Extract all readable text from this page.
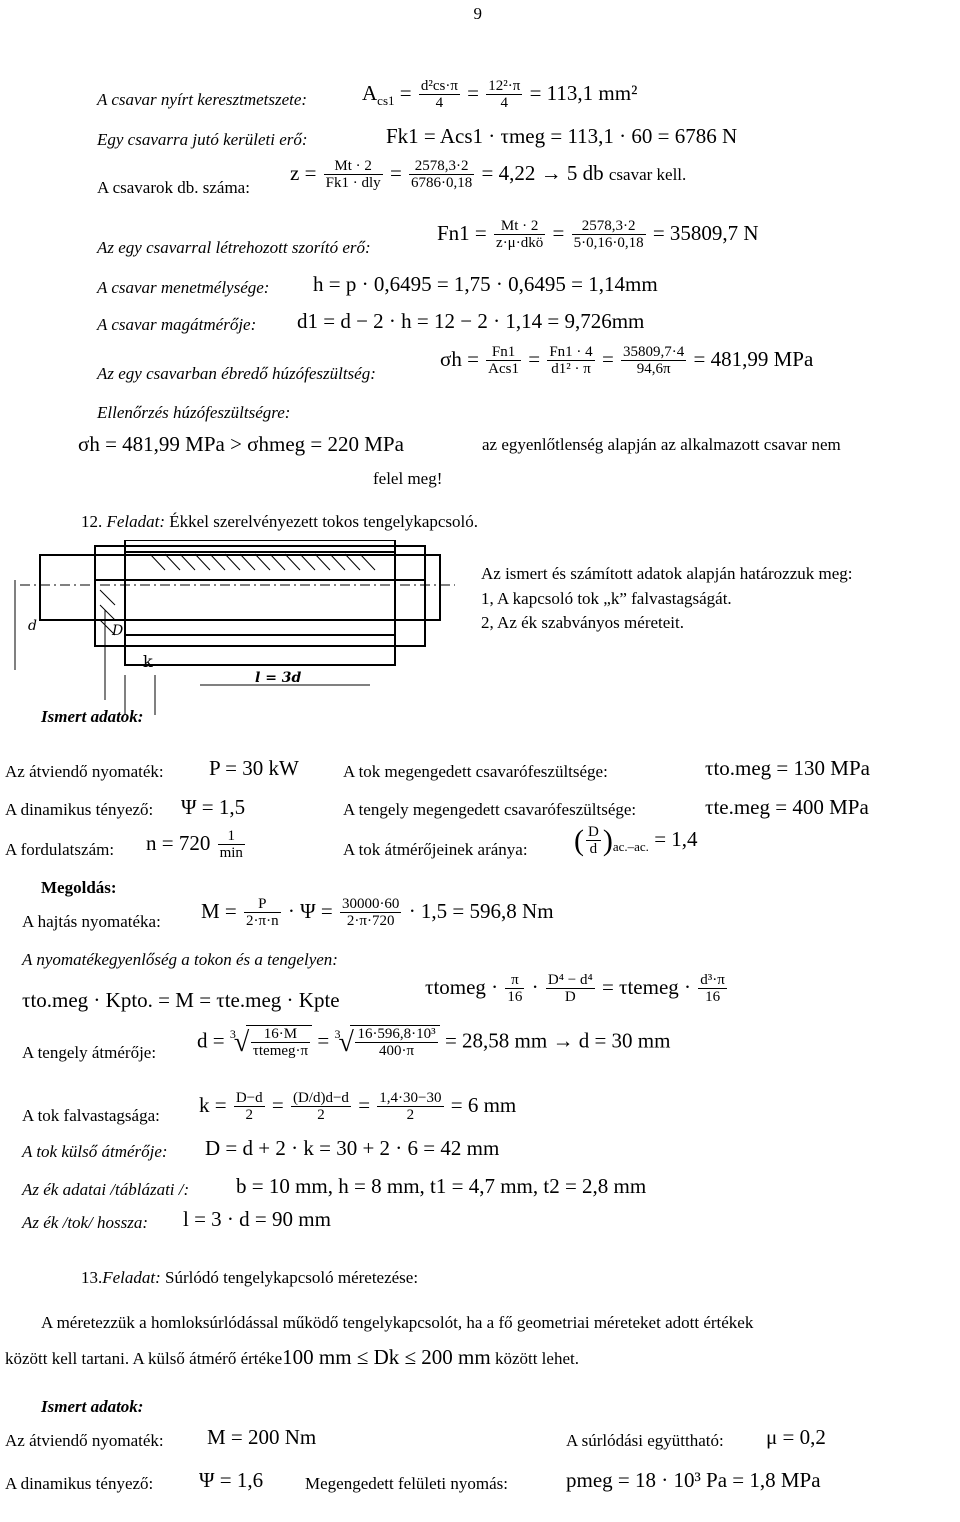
9
A csavar nyírt keresztmetszete:	$A_{cs1} = \frac{\text{d²cs·π}}{4} = \frac{\text{12²·π}}{4} = 113,1$ mm²
Egy csavarra jutó kerületi erő:	Fk1 = Acs1 · τmeg = 113,1 · 60 = 6786 N
A csavarok db. száma:
$z = \frac{Mt \cdot 2}{\text{Fk1 · dly}} = \frac{2578,3\cdot 2}{6786\cdot 0,18} = 4,22 \to 5$ db csavar kell.
Az egy csavarral létrehozott szorító erő:
$Fn1 = \frac{Mt \cdot 2}{\text{z·μ·dkö}} = \frac{2578,3\cdot 2}{5\cdot 0,16\cdot 0,18} = 35809,7$ N
A csavar menetmélysége: h = p · 0,6495 = 1,75 · 0,6495 = 1,14mm
A csavar magátmérője: d1 = d − 2 · h = 12 − 2 · 1,14 = 9,726mm
Az egy csavarban ébredő húzófeszültség:
$\sigma h = \frac{Fn1}{\text{Acs1}} = \frac{Fn1 \cdot 4}{\text{d1² · π}} = \frac{35809,7\cdot 4}{94,6\pi} = 481,99$ MPa
Ellenőrzés húzófeszültségre:
σh = 481,99 MPa > σhmeg = 220 MPa	az egyenlőtlenség alapján az alkalmazott csavar nem
felel meg!
12. Feladat: Ékkel szerelvényezett tokos tengelykapcsoló.
d	D
k
l = 3d
Az ismert és számított adatok alapján határozzuk meg:
1, A kapcsoló tok „k” falvastagságát.
2, Az ék szabványos méreteit.
Ismert adatok:
Az átviendő nyomaték: P = 30 kW	A tok megengedett csavarófeszültsége:	τto.meg = 130 MPa
A dinamikus tényező: Ψ = 1,5	A tengely megengedett csavarófeszültsége:	τte.meg = 400 MPa
A fordulatszám: $n = 720 \frac{1}{\min}$	A tok átmérőjeinek aránya: ( $\frac{D}{d} )_{ac.-ac.} = 1,4$
Megoldás:
A hajtás nyomatéka: $M = \frac{P}{2\cdot\pi\cdot n} \cdot \Psi = \frac{30000\cdot 60}{2\cdot\pi\cdot 720} \cdot 1,5 = 596,8$ Nm
A nyomatékegyenlőség a tokon és a tengelyen:
τto.meg · Kpto. = M = τte.meg · Kpte
τtomeg · $\frac{\pi}{16} \cdot \frac{\text{D⁴ − d⁴}}{D}$ = τtemeg · $\frac{\text{d³·π}}{16}$
A tengely átmérője:
d = √ $3 \frac{16\cdot M}{\text{τtemeg·π}}$ = √ $3 \frac{\text{16·596,8·10³}}{400\cdot\pi} = 28,58$ mm → d = 30 mm
A tok falvastagsága: $k = \frac{D-d}{2} = \frac{(D/d)d-d}{2} = \frac{1,4\cdot 30-30}{2} = 6$ mm
A tok külső átmérője: D = d + 2 · k = 30 + 2 · 6 = 42 mm
Az ék adatai /táblázati /: b = 10 mm, h = 8 mm, t1 = 4,7 mm, t2 = 2,8 mm
Az ék /tok/ hossza: l = 3 · d = 90 mm
13.Feladat: Súrlódó tengelykapcsoló méretezése:
A méretezzük a homloksúrlódással működő tengelykapcsolót, ha a fő geometriai méreteket adott értékek
között kell tartani. A külső átmérő értéke100 mm ≤ Dk ≤ 200 mm között lehet.
Ismert adatok:
Az átviendő nyomaték: M = 200 Nm	A súrlódási együttható: μ = 0,2
A dinamikus tényező: Ψ = 1,6 Megengedett felületi nyomás:	pmeg = 18 · 10³ Pa = 1,8 MPa
